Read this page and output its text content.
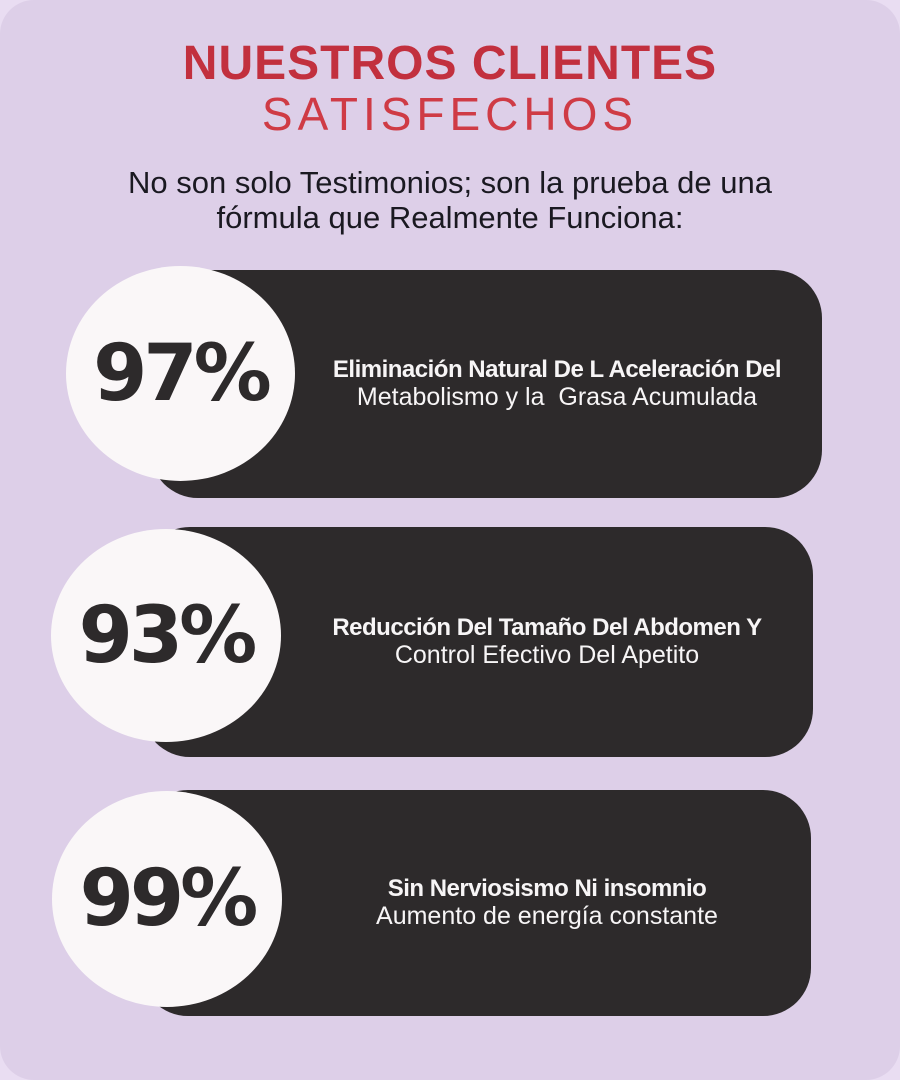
NUESTROS CLIENTES
SATISFECHOS
No son solo Testimonios; son la prueba de una
fórmula que Realmente Funciona:
Eliminación Natural De L Aceleración Del
Metabolismo y la  Grasa Acumulada
97%
Reducción Del Tamaño Del Abdomen Y
Control Efectivo Del Apetito
93%
Sin Nerviosismo Ni insomnio
Aumento de energía constante
99%
